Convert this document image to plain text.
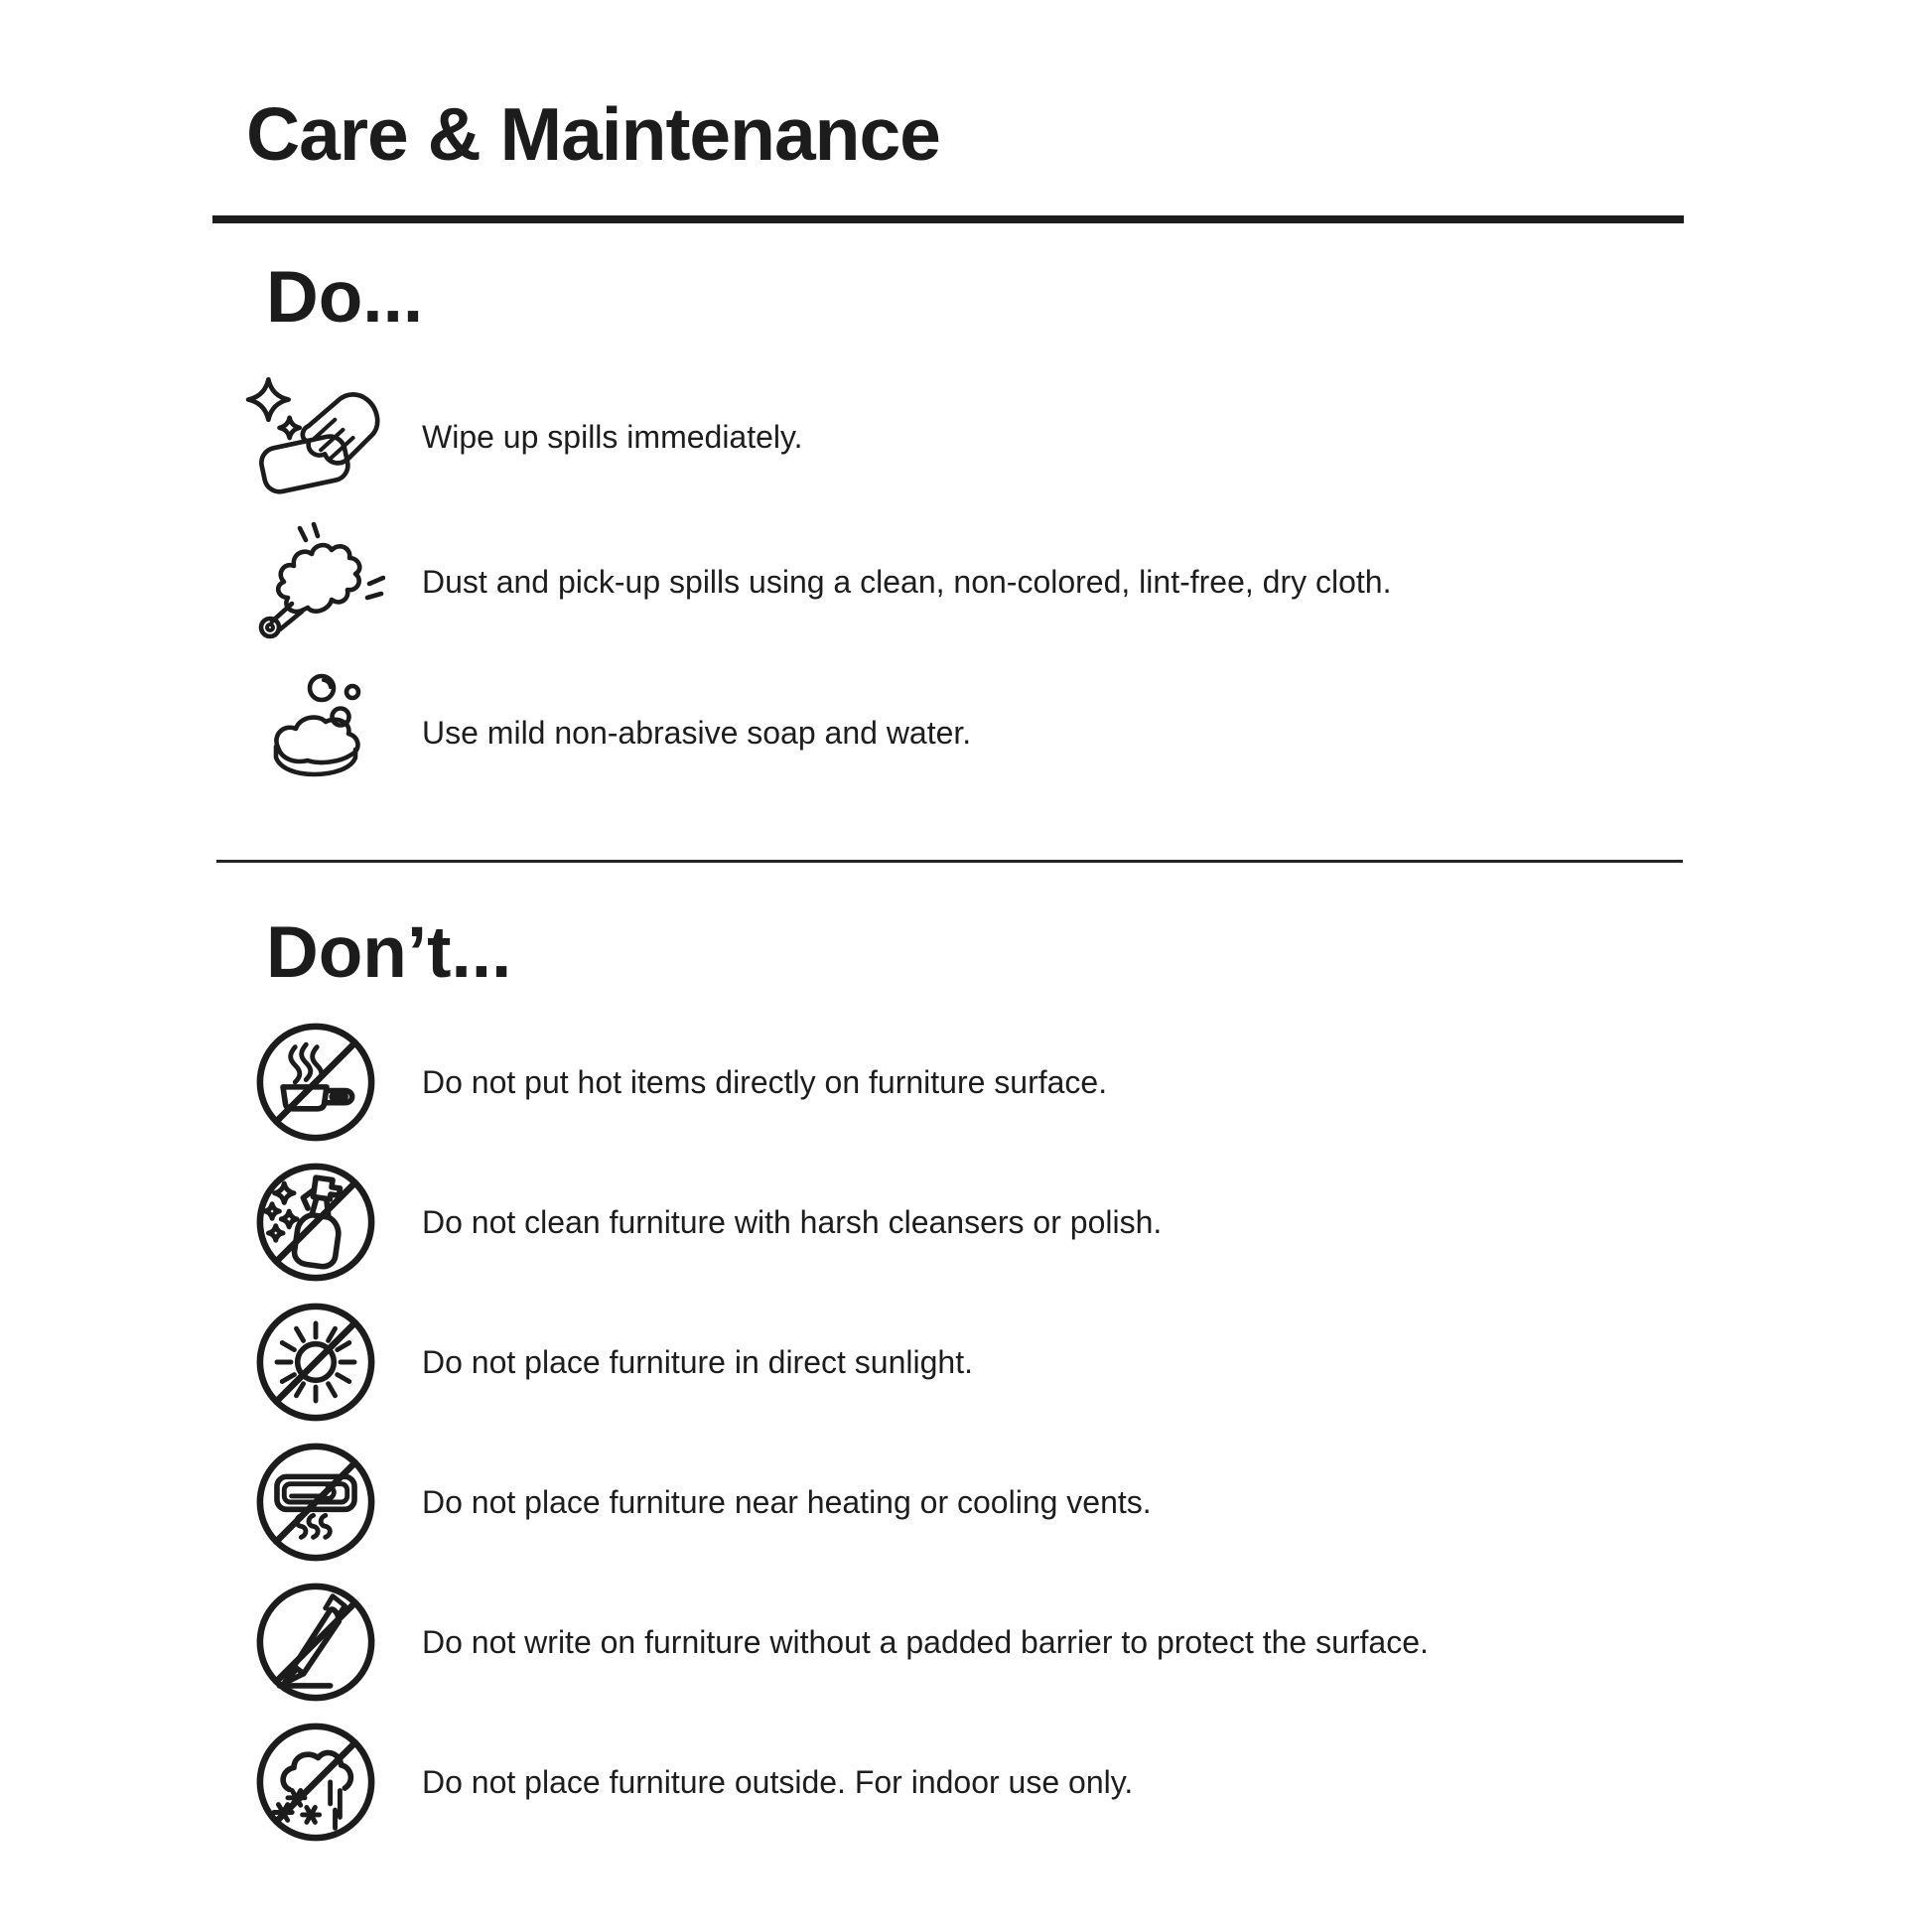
Care & Maintenance
Do...
Wipe up spills immediately.
Dust and pick-up spills using a clean, non-colored, lint-free, dry cloth.
Use mild non-abrasive soap and water.
Don’t...
Do not put hot items directly on furniture surface.
Do not clean furniture with harsh cleansers or polish.
Do not place furniture in direct sunlight.
Do not place furniture near heating or cooling vents.
Do not write on furniture without a padded barrier to protect the surface.
Do not place furniture outside. For indoor use only.
